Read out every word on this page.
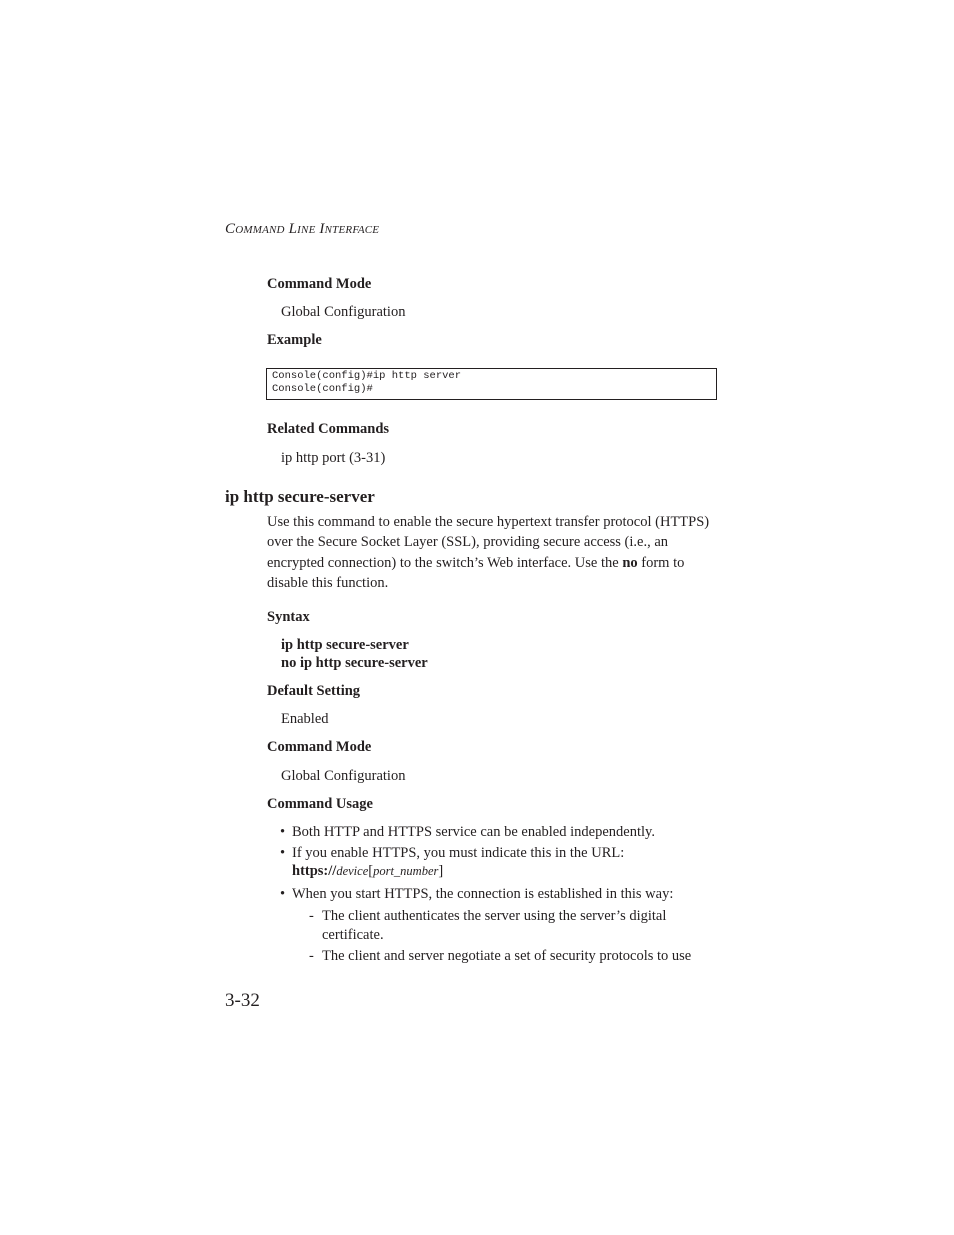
Command Line Interface
Command Mode
Global Configuration
Example
Console(config)#ip http server
Console(config)#
Related Commands
ip http port (3-31)
ip http secure-server
Use this command to enable the secure hypertext transfer protocol (HTTPS) over the Secure Socket Layer (SSL), providing secure access (i.e., an encrypted connection) to the switch’s Web interface. Use the no form to disable this function.
Syntax
ip http secure-server
no ip http secure-server
Default Setting
Enabled
Command Mode
Global Configuration
Command Usage
• Both HTTP and HTTPS service can be enabled independently.
• If you enable HTTPS, you must indicate this in the URL:
https://device[port_number]
• When you start HTTPS, the connection is established in this way:
- The client authenticates the server using the server’s digital
certificate.
- The client and server negotiate a set of security protocols to use
3-32
